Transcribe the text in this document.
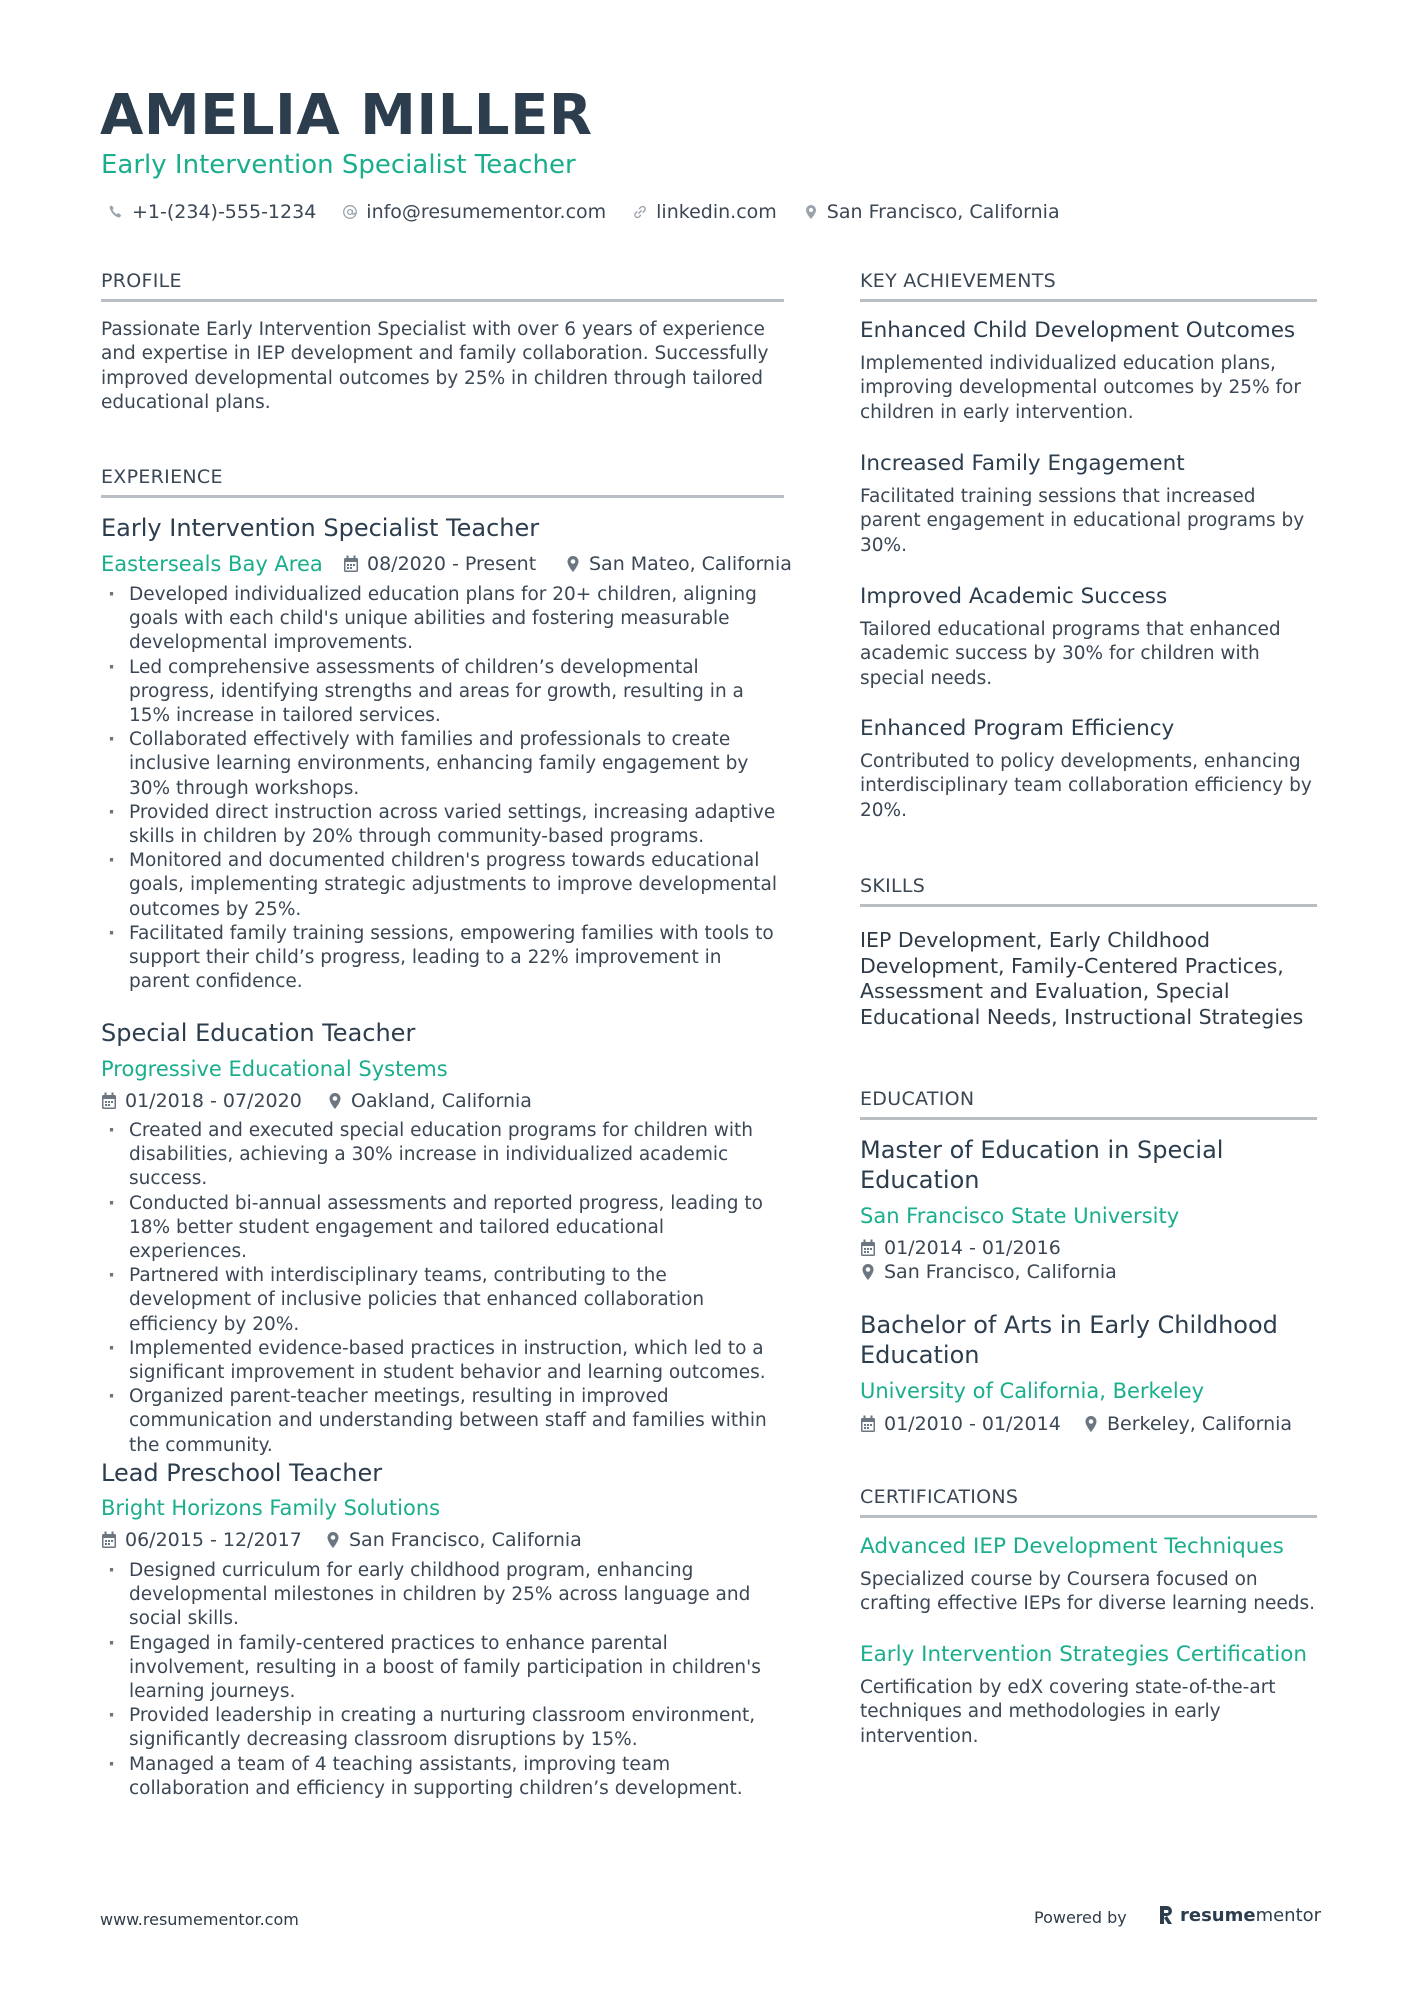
AMELIA MILLER
Early Intervention Specialist Teacher
+1-(234)-555-1234	info@resumementor.com	linkedin.com	San Francisco, California
PROFILE
Passionate Early Intervention Specialist with over 6 years of experience and expertise in IEP development and family collaboration. Successfully improved developmental outcomes by 25% in children through tailored educational plans.
EXPERIENCE
Early Intervention Specialist Teacher
Easterseals Bay Area 08/2020 - Present	San Mateo, California
· Developed individualized education plans for 20+ children, aligning goals with each child's unique abilities and fostering measurable developmental improvements.
· Led comprehensive assessments of children’s developmental progress, identifying strengths and areas for growth, resulting in a 15% increase in tailored services.
· Collaborated effectively with families and professionals to create inclusive learning environments, enhancing family engagement by 30% through workshops.
· Provided direct instruction across varied settings, increasing adaptive skills in children by 20% through community-based programs.
· Monitored and documented children's progress towards educational goals, implementing strategic adjustments to improve developmental outcomes by 25%.
· Facilitated family training sessions, empowering families with tools to support their child’s progress, leading to a 22% improvement in parent confidence.
Special Education Teacher
Progressive Educational Systems
01/2018 - 07/2020	Oakland, California
· Created and executed special education programs for children with disabilities, achieving a 30% increase in individualized academic success.
· Conducted bi-annual assessments and reported progress, leading to 18% better student engagement and tailored educational experiences.
· Partnered with interdisciplinary teams, contributing to the development of inclusive policies that enhanced collaboration efficiency by 20%.
· Implemented evidence-based practices in instruction, which led to a significant improvement in student behavior and learning outcomes.
· Organized parent-teacher meetings, resulting in improved communication and understanding between staff and families within the community.
Lead Preschool Teacher
Bright Horizons Family Solutions
06/2015 - 12/2017 San Francisco, California
· Designed curriculum for early childhood program, enhancing developmental milestones in children by 25% across language and social skills.
· Engaged in family-centered practices to enhance parental involvement, resulting in a boost of family participation in children's learning journeys.
· Provided leadership in creating a nurturing classroom environment, significantly decreasing classroom disruptions by 15%.
· Managed a team of 4 teaching assistants, improving team collaboration and efficiency in supporting children’s development.
KEY ACHIEVEMENTS
Enhanced Child Development Outcomes
Implemented individualized education plans, improving developmental outcomes by 25% for children in early intervention.
Increased Family Engagement
Facilitated training sessions that increased parent engagement in educational programs by 30%.
Improved Academic Success
Tailored educational programs that enhanced academic success by 30% for children with special needs.
Enhanced Program Efficiency
Contributed to policy developments, enhancing interdisciplinary team collaboration efficiency by 20%.
SKILLS
IEP Development, Early Childhood Development, Family-Centered Practices, Assessment and Evaluation, Special Educational Needs, Instructional Strategies
EDUCATION
Master of Education in Special Education
San Francisco State University
01/2014 - 01/2016
San Francisco, California
Bachelor of Arts in Early Childhood Education
University of California, Berkeley
01/2010 - 01/2014 Berkeley, California
CERTIFICATIONS
Advanced IEP Development Techniques
Specialized course by Coursera focused on crafting effective IEPs for diverse learning needs.
Early Intervention Strategies Certification
Certification by edX covering state-of-the-art techniques and methodologies in early intervention.
www.resumementor.com	Powered by	resume mentor
